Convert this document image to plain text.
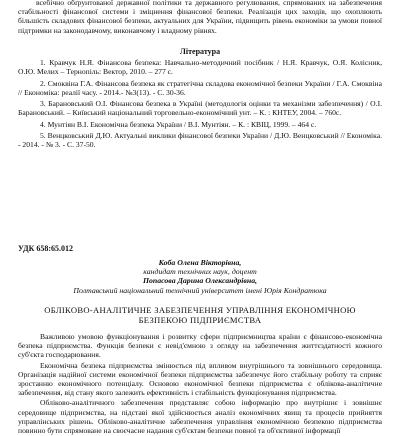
всебічно обґрунтованої державної політики та державного регулювання, спрямованих на забезпечення стабільності фінансової системи і зміцнення фінансової безпеки. Реалізація цих заходів, що охоплюють більшість складових фінансової безпеки, актуальних для України, підвищить рівень економіки за умови повної підтримки на законодавчому, виконавчому і владному рівнях.

Література

1. Кравчук Н.Я. Фінансова безпека: Навчально-методичний посібник / Н.Я. Кравчук, О.Я. Колісник, О.Ю. Мелих – Тернопіль: Вектор, 2010. – 277 с.

2. Смоквіна Г.А. Фінансова безпека як стратегічна складова економічної безпеки України / Г.А. Смоквіна // Економіка: реалії часу. - 2014.- №3(13). - С. 30-36.

3. Барановський О.І. Фінансова безпека в Україні (методологія оцінки та механізми забезпечення) / О.І. Барановський. – Київський національний торговельно-економічний унт. – К. : КНТЕУ, 2004. – 760с.

4. Мунтіян В.І. Економічна безпека України / В.І. Мунтіян. – К. : КВІЦ, 1999. – 464 с.

5. Венцковський Д.Ю. Актуальні виклики фінансової безпеки України / Д.Ю. Венцковський // Економіка. - 2014. - № 3. - С. 37-50.

УДК 658:65.012

Коба Олена Вікторівна,

кандидат технічних наук, доцент

Попасова Дарина Олександрівна,

Полтавський національний технічний університет імені Юрія Кондратюка

ОБЛІКОВО-АНАЛІТИЧНЕ ЗАБЕЗПЕЧЕННЯ УПРАВЛІННЯ ЕКОНОМІЧНОЮ

БЕЗПЕКОЮ ПІДПРИЄМСТВА

Важливою умовою функціонування і розвитку сфери підприємництва країни є фінансово-економічна безпека підприємства. Функція безпеки є невід'ємною з огляду на забезпечення життєздатності кожного суб'єкта господарювання.

Економічна безпека підприємства змінюється під впливом внутрішнього та зовнішнього середовища. Організація надійної системи економічної безпеки підприємства забезпечує його стабільну роботу та сприяє зростанню економічного потенціалу. Основою економічної безпеки підприємства є облікова-аналітичне забезпечення, від стану якого залежить ефективність і стабільність функціонування підприємства.

Обліково-аналітичного забезпечення представляє собою інформацію про внутрішнє і зовнішнє середовище підприємства, на підставі якої здійснюється аналіз економічних явищ та процесів прийняття управлінських рішень. Обліково-аналітичне забезпечення управління економічною безпекою підприємства повинно бути спрямоване на своєчасне надання суб'єктам безпеки повної та об'єктивної інформації
